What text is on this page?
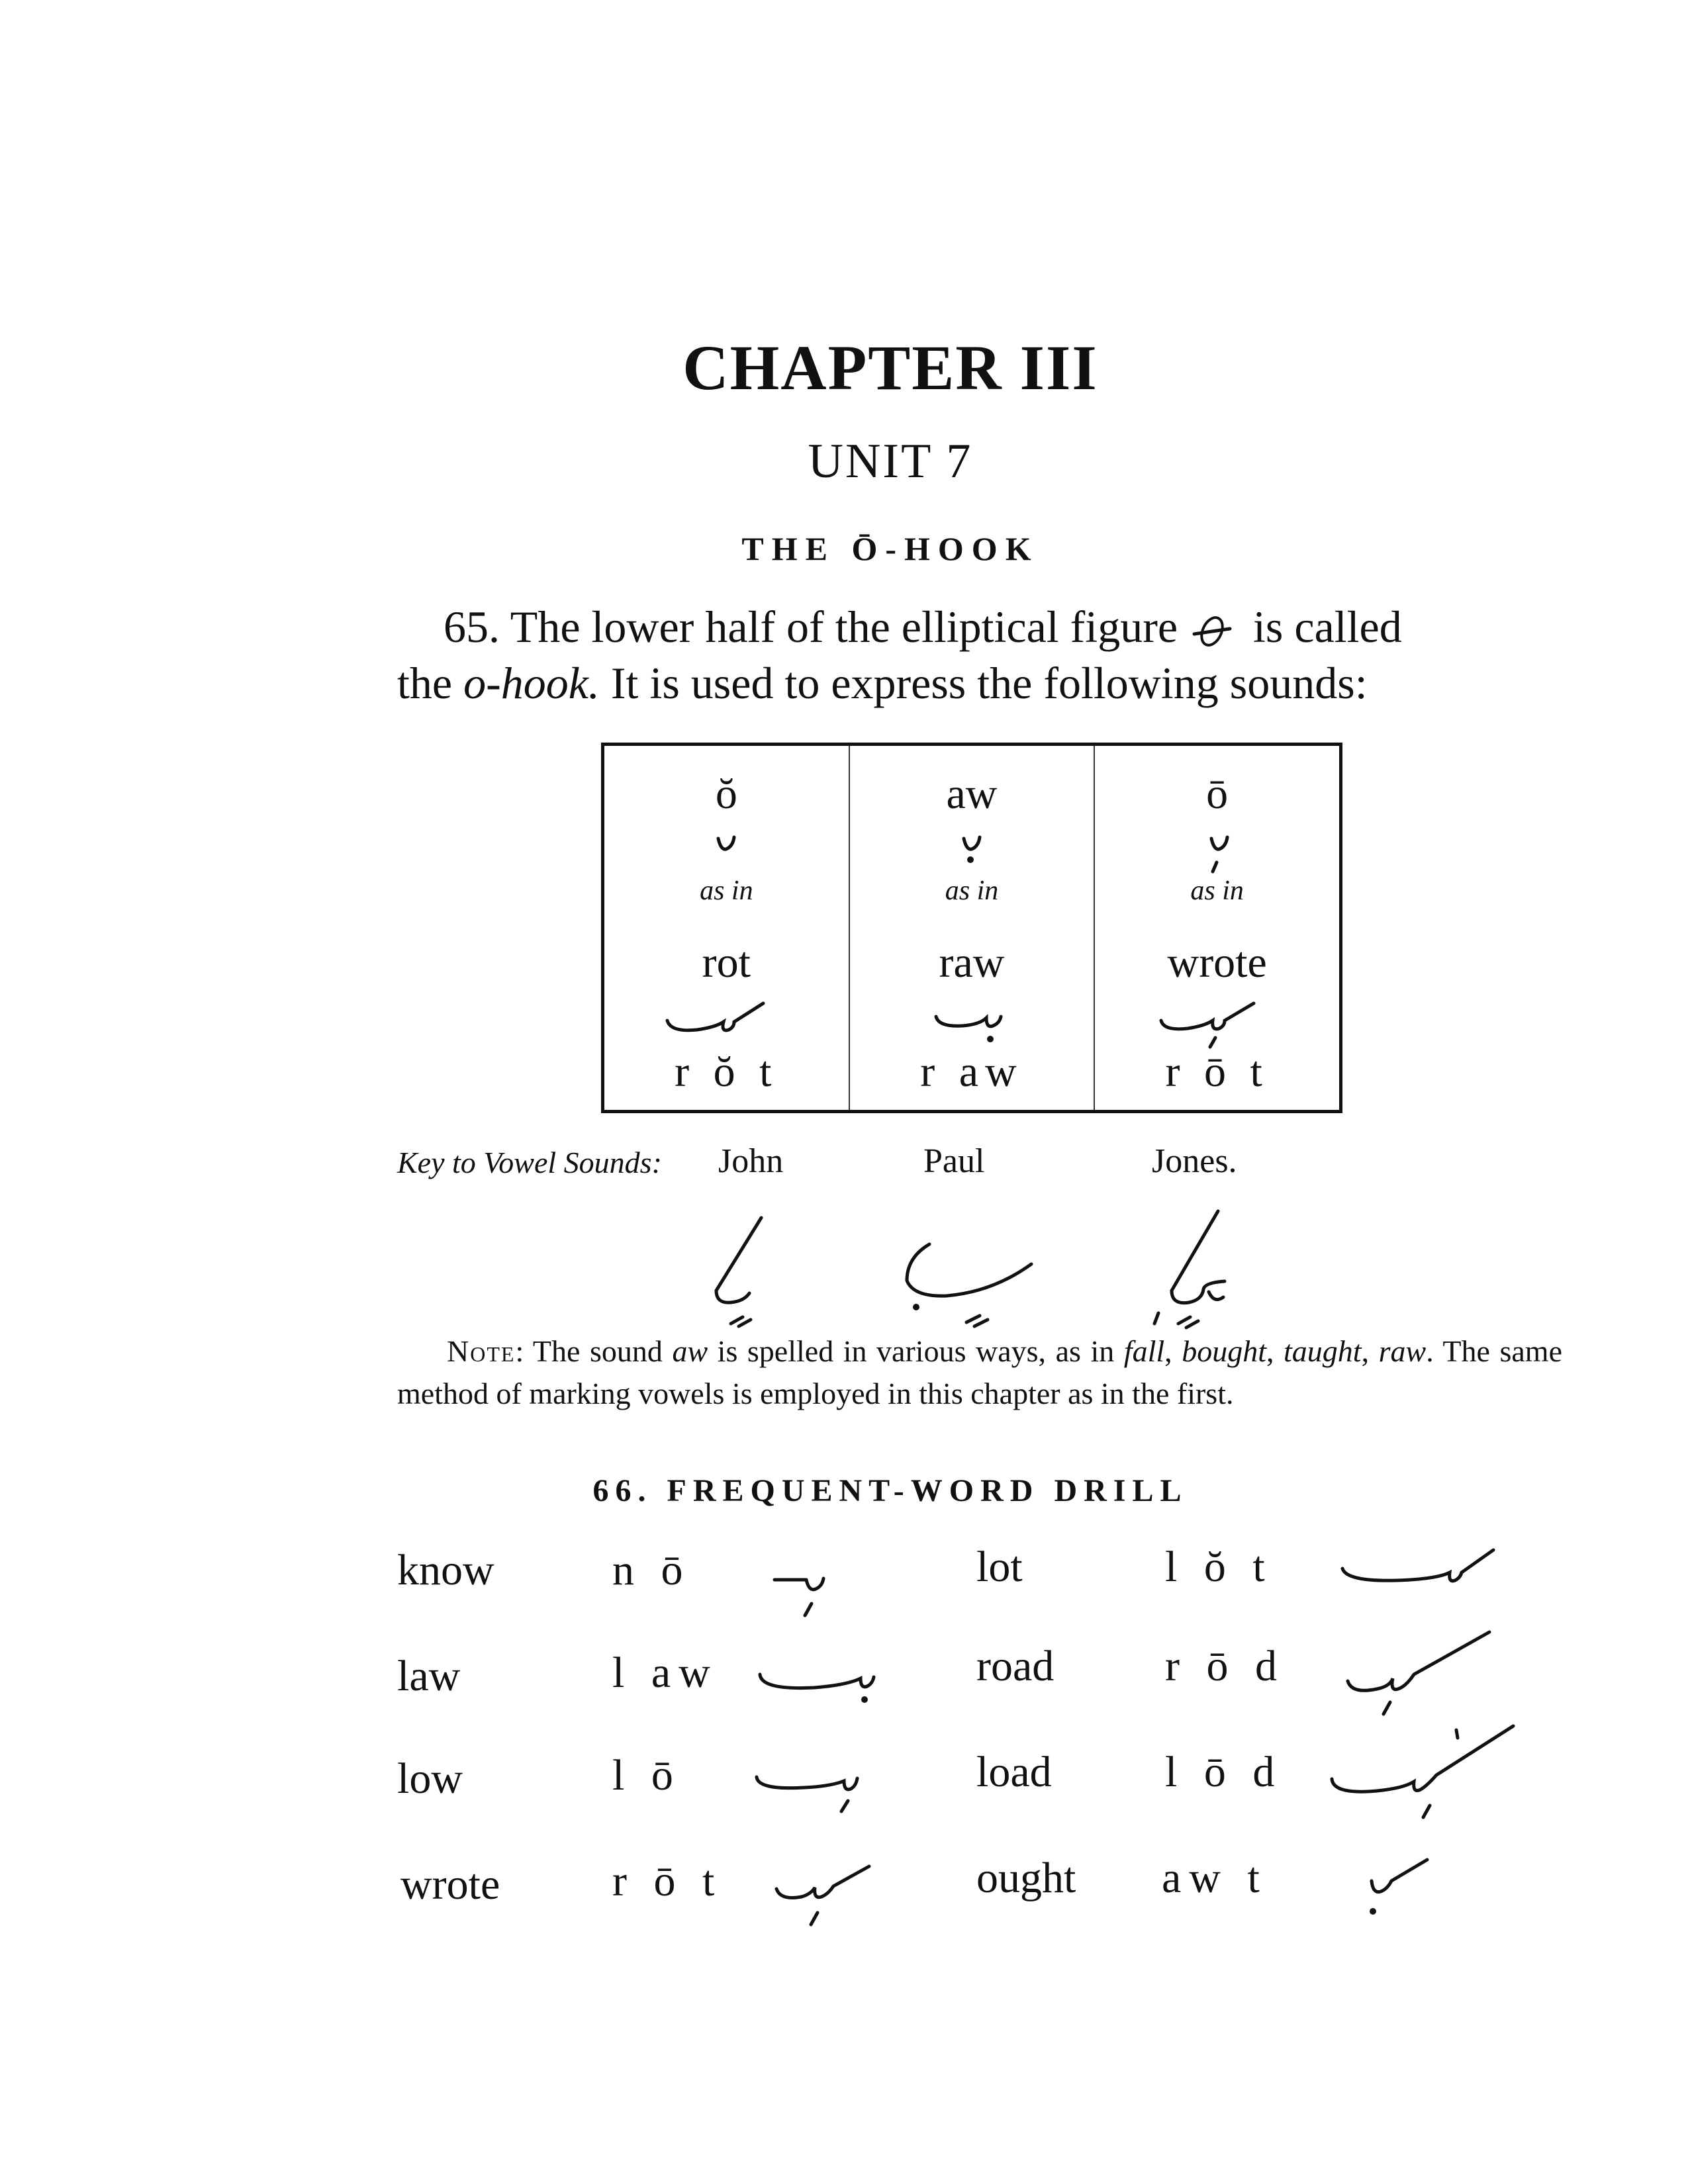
CHAPTER III
UNIT 7
THE Ō-HOOK
65. The lower half of the elliptical figure is called
the o-hook. It is used to express the following sounds:
ŏ
as in
rot
r ŏ t
aw
as in
raw
r aw
ō
as in
wrote
r ō t
Key to Vowel Sounds: John	Paul	Jones.
Note: The sound aw is spelled in various ways, as in fall, bought, taught, raw. The same method of marking vowels is employed in this chapter as in the first.
66. FREQUENT-WORD DRILL
know	n ō	lot	l ŏ t
law	l aw	road	r ō d
low	l ō	load	l ō d
wrote	r ō t	ought aw t
